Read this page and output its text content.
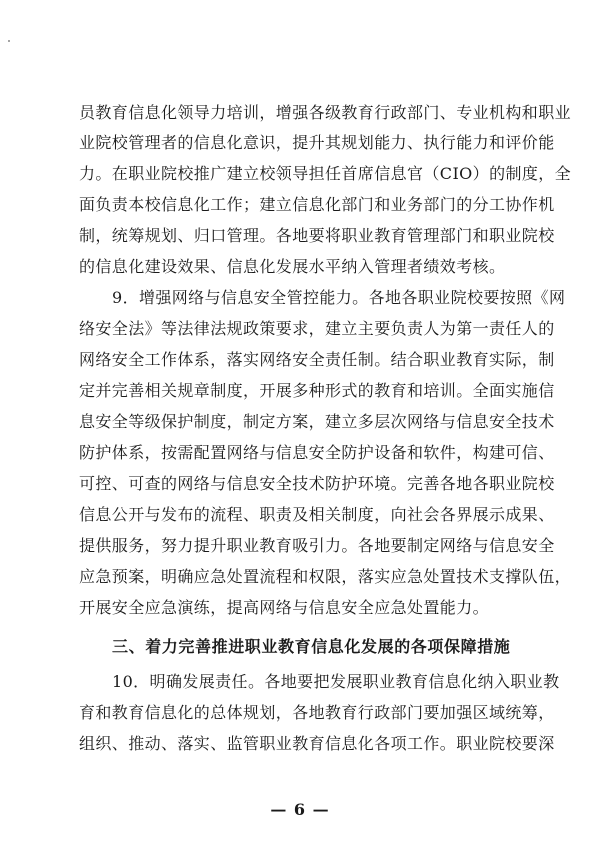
员教育信息化领导力培训，增强各级教育行政部门、专业机构和职业
业院校管理者的信息化意识，提升其规划能力、执行能力和评价能
力。在职业院校推广建立校领导担任首席信息官（CIO）的制度，全
面负责本校信息化工作；建立信息化部门和业务部门的分工协作机
制，统筹规划、归口管理。各地要将职业教育管理部门和职业院校
的信息化建设效果、信息化发展水平纳入管理者绩效考核。
9．增强网络与信息安全管控能力。各地各职业院校要按照《网
络安全法》等法律法规政策要求，建立主要负责人为第一责任人的
网络安全工作体系，落实网络安全责任制。结合职业教育实际，制
定并完善相关规章制度，开展多种形式的教育和培训。全面实施信
息安全等级保护制度，制定方案，建立多层次网络与信息安全技术
防护体系，按需配置网络与信息安全防护设备和软件，构建可信、
可控、可查的网络与信息安全技术防护环境。完善各地各职业院校
信息公开与发布的流程、职责及相关制度，向社会各界展示成果、
提供服务，努力提升职业教育吸引力。各地要制定网络与信息安全
应急预案，明确应急处置流程和权限，落实应急处置技术支撑队伍，
开展安全应急演练，提高网络与信息安全应急处置能力。
三、着力完善推进职业教育信息化发展的各项保障措施
10．明确发展责任。各地要把发展职业教育信息化纳入职业教
育和教育信息化的总体规划，各地教育行政部门要加强区域统筹，
组织、推动、落实、监管职业教育信息化各项工作。职业院校要深
— 6 —
